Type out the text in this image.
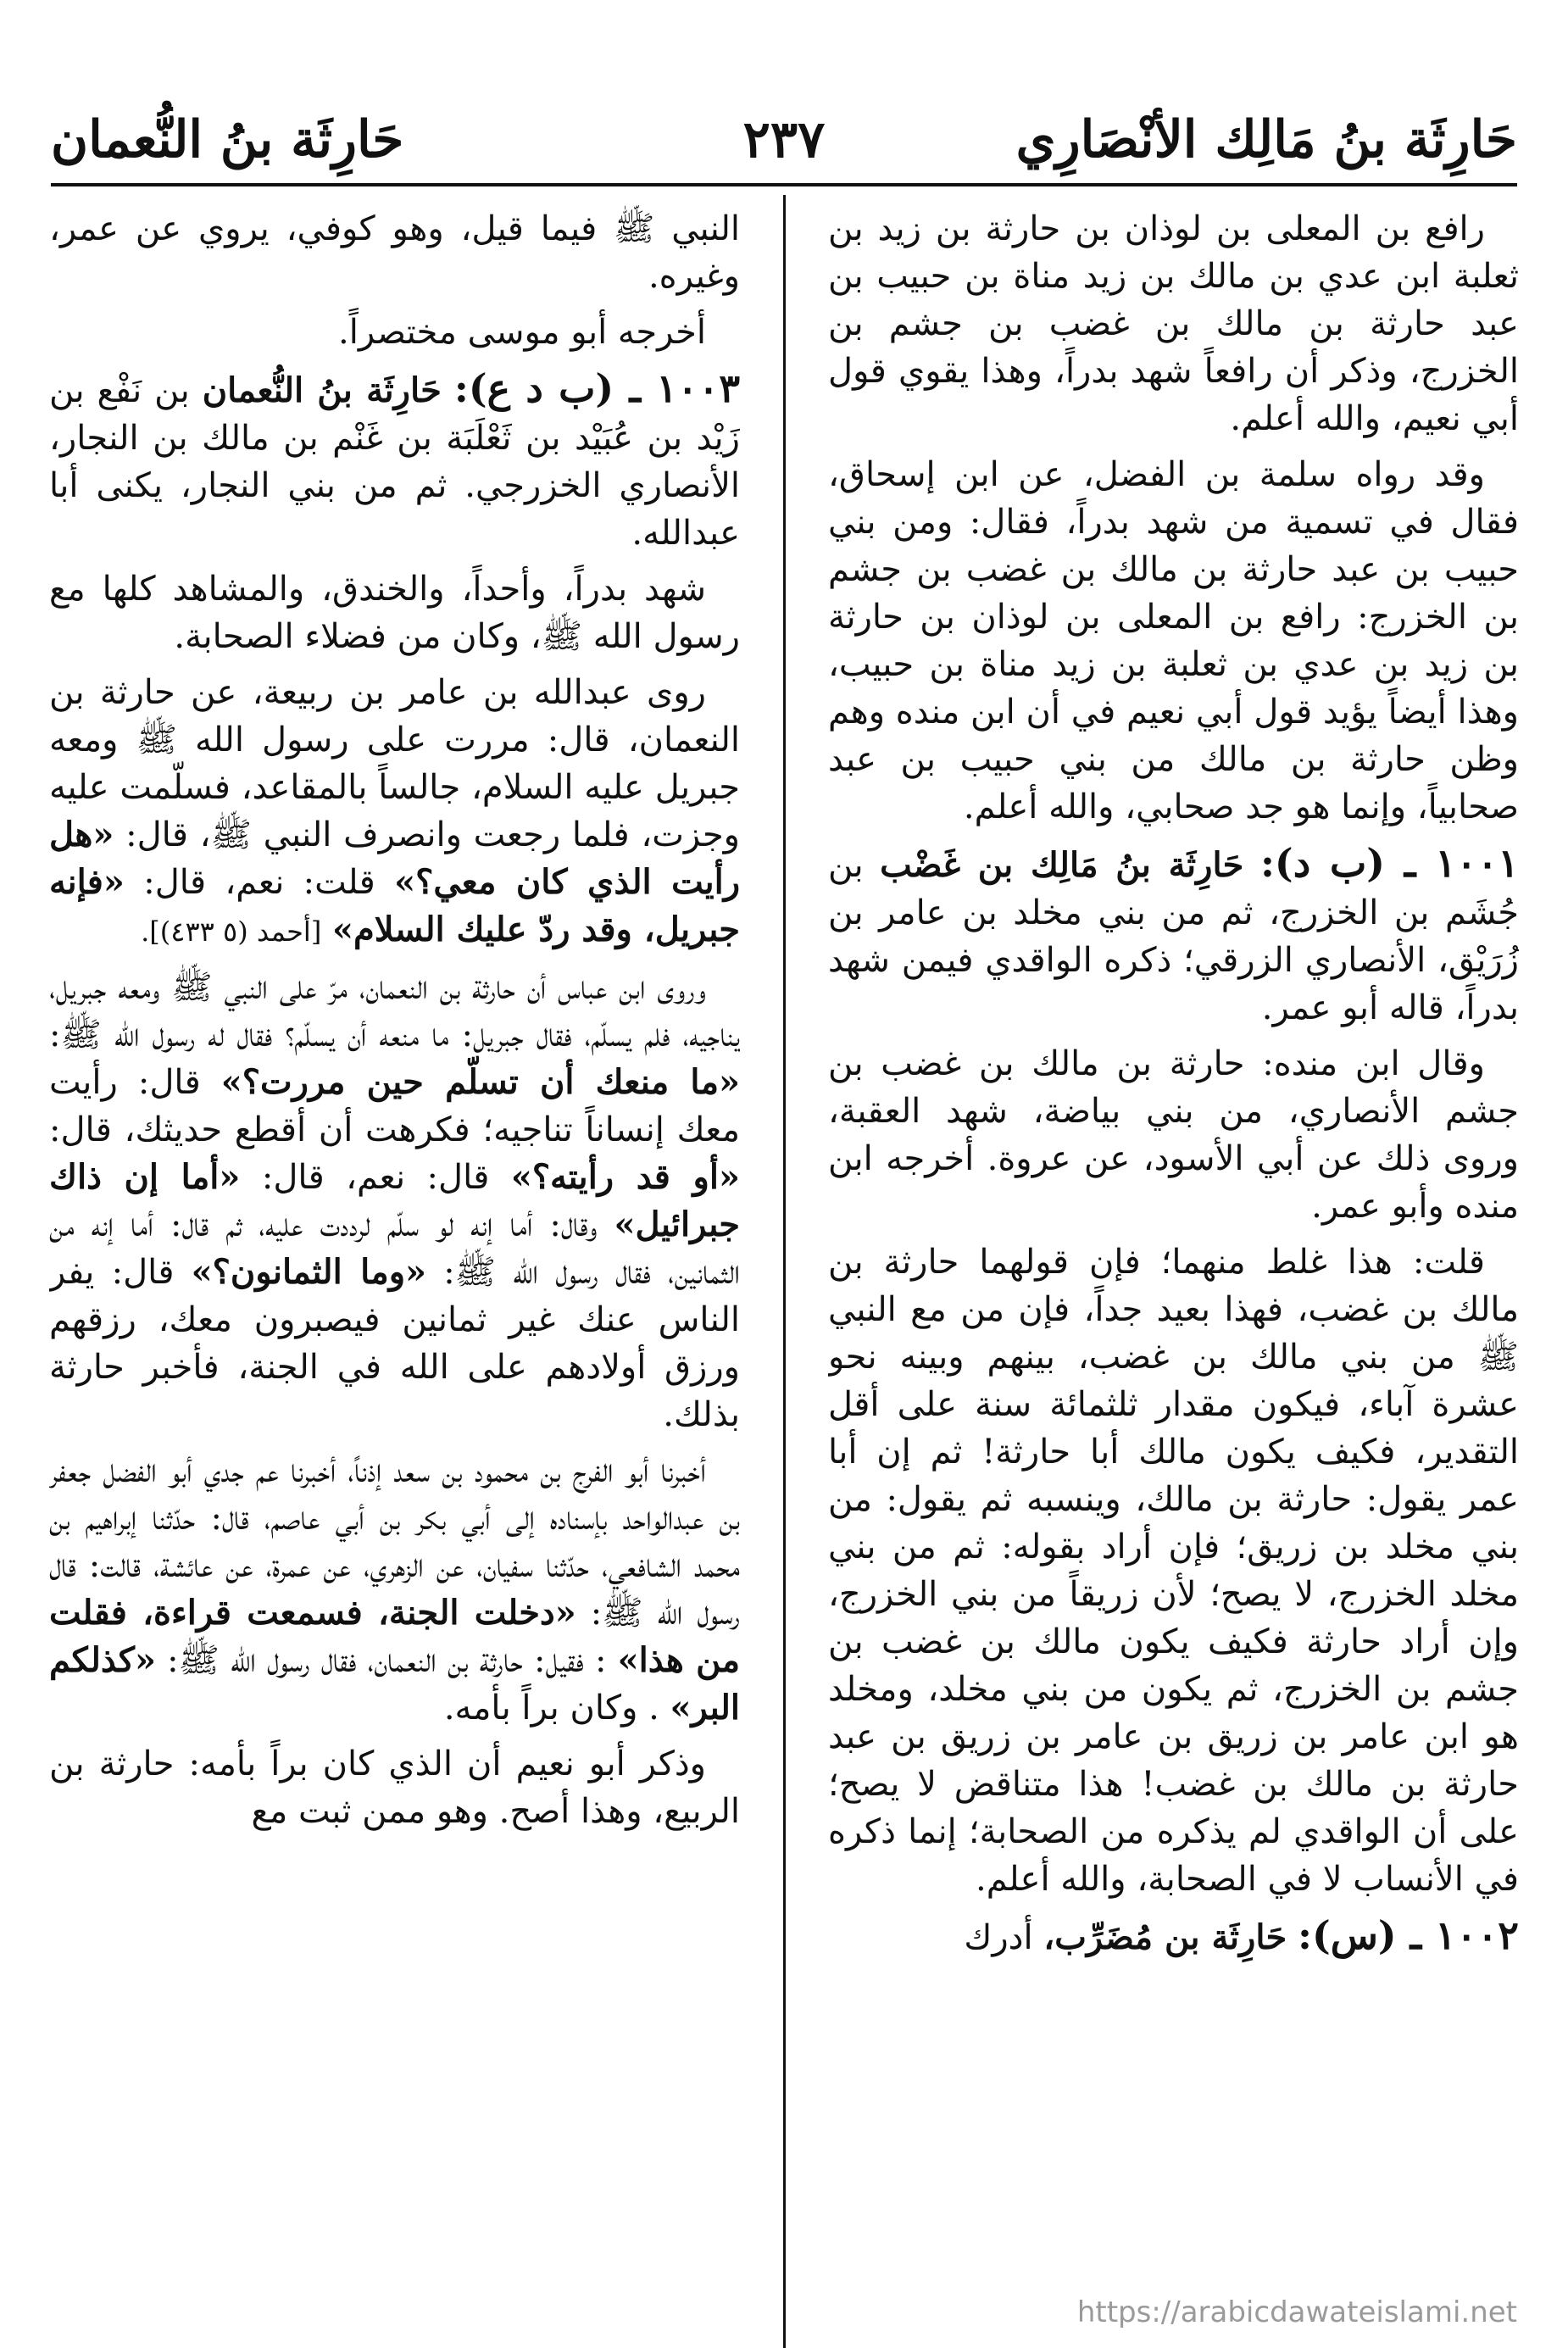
حَارِثَة بنُ مَالِك الأنْصَارِي
٢٣٧
حَارِثَة بنُ النُّعمان

رافع بن المعلى بن لوذان بن حارثة بن زيد بن ثعلبة ابن عدي بن مالك بن زيد مناة بن حبيب بن عبد حارثة بن مالك بن غضب بن جشم بن الخزرج، وذكر أن رافعاً شهد بدراً، وهذا يقوي قول أبي نعيم، والله أعلم.

وقد رواه سلمة بن الفضل، عن ابن إسحاق، فقال في تسمية من شهد بدراً، فقال: ومن بني حبيب بن عبد حارثة بن مالك بن غضب بن جشم بن الخزرج: رافع بن المعلى بن لوذان بن حارثة بن زيد بن عدي بن ثعلبة بن زيد مناة بن حبيب، وهذا أيضاً يؤيد قول أبي نعيم في أن ابن منده وهم وظن حارثة بن مالك من بني حبيب بن عبد صحابياً، وإنما هو جد صحابي، والله أعلم.

١٠٠١ ـ (ب د): حَارِثَة بنُ مَالِك بن غَضْب بن جُشَم بن الخزرج، ثم من بني مخلد بن عامر بن زُرَيْق، الأنصاري الزرقي؛ ذكره الواقدي فيمن شهد بدراً، قاله أبو عمر.

وقال ابن منده: حارثة بن مالك بن غضب بن جشم الأنصاري، من بني بياضة، شهد العقبة، وروى ذلك عن أبي الأسود، عن عروة. أخرجه ابن منده وأبو عمر.

قلت: هذا غلط منهما؛ فإن قولهما حارثة بن مالك بن غضب، فهذا بعيد جداً، فإن من مع النبي ﷺ من بني مالك بن غضب، بينهم وبينه نحو عشرة آباء، فيكون مقدار ثلثمائة سنة على أقل التقدير، فكيف يكون مالك أبا حارثة! ثم إن أبا عمر يقول: حارثة بن مالك، وينسبه ثم يقول: من بني مخلد بن زريق؛ فإن أراد بقوله: ثم من بني مخلد الخزرج، لا يصح؛ لأن زريقاً من بني الخزرج، وإن أراد حارثة فكيف يكون مالك بن غضب بن جشم بن الخزرج، ثم يكون من بني مخلد، ومخلد هو ابن عامر بن زريق بن عامر بن زريق بن عبد حارثة بن مالك بن غضب! هذا متناقض لا يصح؛ على أن الواقدي لم يذكره من الصحابة؛ إنما ذكره في الأنساب لا في الصحابة، والله أعلم.

١٠٠٢ ـ (س): حَارِثَة بن مُضَرِّب، أدرك

النبي ﷺ فيما قيل، وهو كوفي، يروي عن عمر، وغيره.

أخرجه أبو موسى مختصراً.

١٠٠٣ ـ (ب د ع): حَارِثَة بنُ النُّعمان بن نَفْع بن زَيْد بن عُبَيْد بن ثَعْلَبَة بن غَنْم بن مالك بن النجار، الأنصاري الخزرجي. ثم من بني النجار، يكنى أبا عبدالله.

شهد بدراً، وأحداً، والخندق، والمشاهد كلها مع رسول الله ﷺ، وكان من فضلاء الصحابة.

روى عبدالله بن عامر بن ربيعة، عن حارثة بن النعمان، قال: مررت على رسول الله ﷺ ومعه جبريل عليه السلام، جالساً بالمقاعد، فسلّمت عليه وجزت، فلما رجعت وانصرف النبي ﷺ، قال: «هل رأيت الذي كان معي؟» قلت: نعم، قال: «فإنه جبريل، وقد ردّ عليك السلام» [أحمد (٥ ٤٣٣)].

وروى ابن عباس أن حارثة بن النعمان، مرّ على النبي ﷺ ومعه جبريل، يناجيه، فلم يسلّم، فقال جبريل: ما منعه أن يسلّم؟ فقال له رسول الله ﷺ: «ما منعك أن تسلّم حين مررت؟» قال: رأيت معك إنساناً تناجيه؛ فكرهت أن أقطع حديثك، قال: «أو قد رأيته؟» قال: نعم، قال: «أما إن ذاك جبرائيل» وقال: أما إنه لو سلّم لرددت عليه، ثم قال: أما إنه من الثمانين، فقال رسول الله ﷺ: «وما الثمانون؟» قال: يفر الناس عنك غير ثمانين فيصبرون معك، رزقهم ورزق أولادهم على الله في الجنة، فأخبر حارثة بذلك.

أخبرنا أبو الفرج بن محمود بن سعد إذناً، أخبرنا عم جدي أبو الفضل جعفر بن عبدالواحد بإسناده إلى أبي بكر بن أبي عاصم، قال: حدّثنا إبراهيم بن محمد الشافعي، حدّثنا سفيان، عن الزهري، عن عمرة، عن عائشة، قالت: قال رسول الله ﷺ: «دخلت الجنة، فسمعت قراءة، فقلت من هذا» : فقيل: حارثة بن النعمان، فقال رسول الله ﷺ: «كذلكم البر» . وكان براً بأمه.

وذكر أبو نعيم أن الذي كان براً بأمه: حارثة بن الربيع، وهذا أصح. وهو ممن ثبت مع

https://arabicdawateislami.net
